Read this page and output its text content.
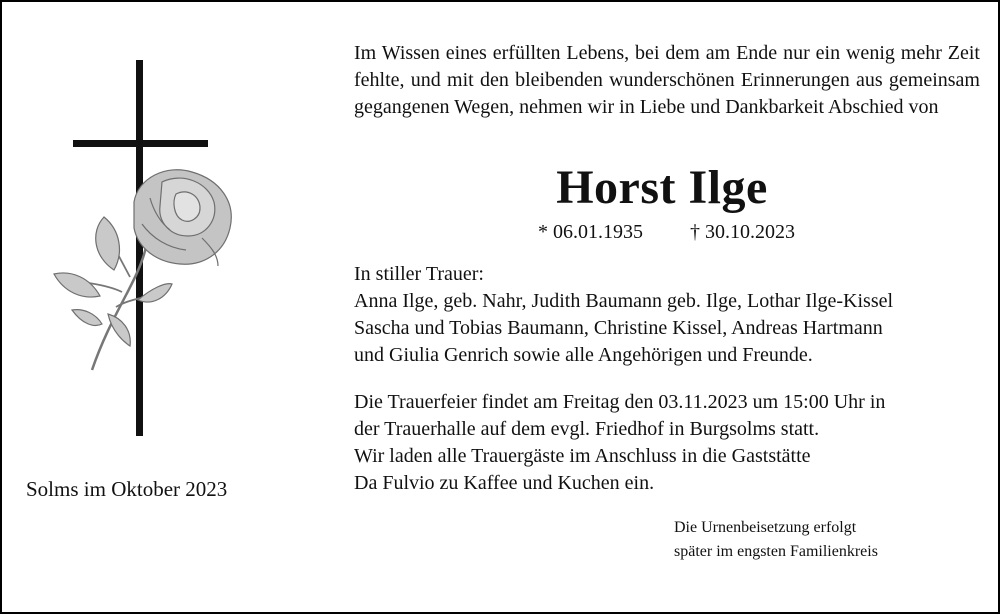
Solms im Oktober 2023
Im Wissen eines erfüllten Lebens, bei dem am Ende nur ein wenig mehr Zeit fehlte, und mit den bleibenden wunderschönen Erinnerungen aus gemeinsam gegangenen Wegen, nehmen wir in Liebe und Dankbarkeit Abschied von
Horst Ilge
* 06.01.1935 † 30.10.2023
In stiller Trauer:
Anna Ilge, geb. Nahr, Judith Baumann geb. Ilge, Lothar Ilge-Kissel
Sascha und Tobias Baumann, Christine Kissel, Andreas Hartmann
und Giulia Genrich sowie alle Angehörigen und Freunde.
Die Trauerfeier findet am Freitag den 03.11.2023 um 15:00 Uhr in
der Trauerhalle auf dem evgl. Friedhof in Burgsolms statt.
Wir laden alle Trauergäste im Anschluss in die Gaststätte
Da Fulvio zu Kaffee und Kuchen ein.
Die Urnenbeisetzung erfolgt
später im engsten Familienkreis
